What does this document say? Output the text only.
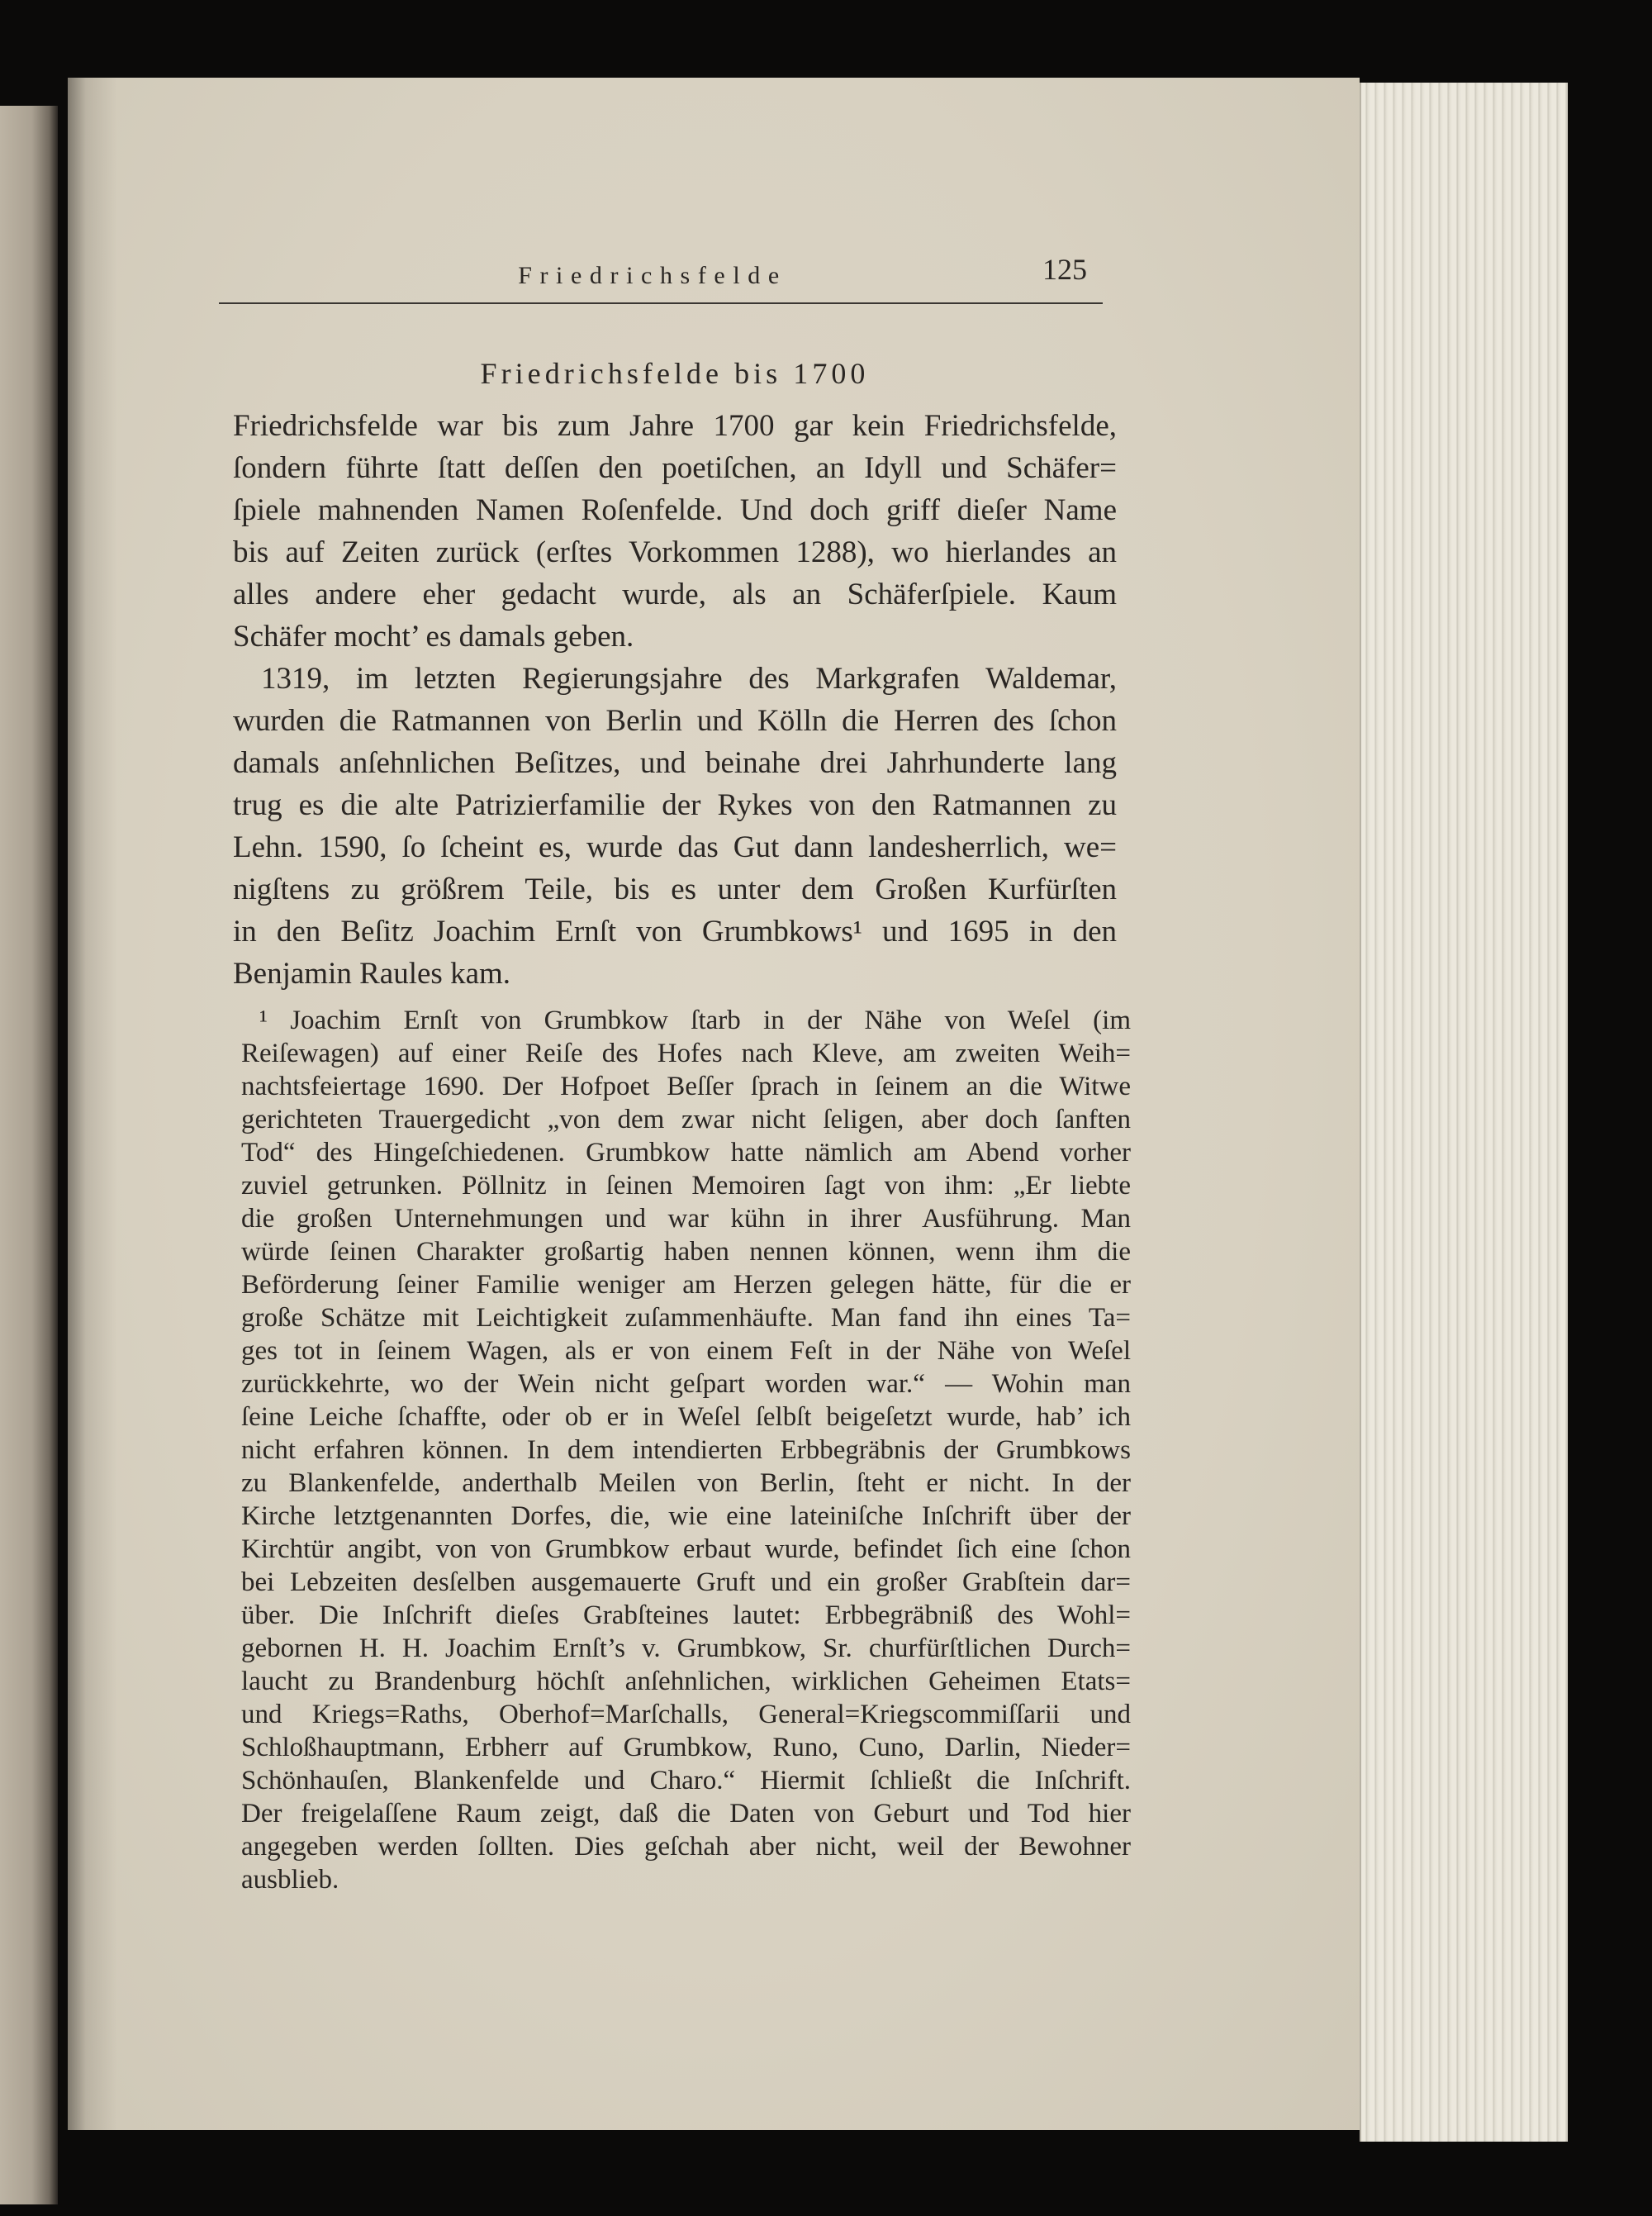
Friedrichsfelde	125
Friedrichsfelde bis 1700
Friedrichsfelde war bis zum Jahre 1700 gar kein Friedrichsfelde,
ſondern führte ſtatt deſſen den poetiſchen, an Idyll und Schäfer=
ſpiele mahnenden Namen Roſenfelde. Und doch griff dieſer Name
bis auf Zeiten zurück (erſtes Vorkommen 1288), wo hierlandes an
alles andere eher gedacht wurde, als an Schäferſpiele. Kaum
Schäfer mocht’ es damals geben.
1319, im letzten Regierungsjahre des Markgrafen Waldemar,
wurden die Ratmannen von Berlin und Kölln die Herren des ſchon
damals anſehnlichen Beſitzes, und beinahe drei Jahrhunderte lang
trug es die alte Patrizierfamilie der Rykes von den Ratmannen zu
Lehn. 1590, ſo ſcheint es, wurde das Gut dann landesherrlich, we=
nigſtens zu größrem Teile, bis es unter dem Großen Kurfürſten
in den Beſitz Joachim Ernſt von Grumbkows¹ und 1695 in den
Benjamin Raules kam.
¹ Joachim Ernſt von Grumbkow ſtarb in der Nähe von Weſel (im
Reiſewagen) auf einer Reiſe des Hofes nach Kleve, am zweiten Weih=
nachtsfeiertage 1690. Der Hofpoet Beſſer ſprach in ſeinem an die Witwe
gerichteten Trauergedicht „von dem zwar nicht ſeligen, aber doch ſanften
Tod“ des Hingeſchiedenen. Grumbkow hatte nämlich am Abend vorher
zuviel getrunken. Pöllnitz in ſeinen Memoiren ſagt von ihm: „Er liebte
die großen Unternehmungen und war kühn in ihrer Ausführung. Man
würde ſeinen Charakter großartig haben nennen können, wenn ihm die
Beförderung ſeiner Familie weniger am Herzen gelegen hätte, für die er
große Schätze mit Leichtigkeit zuſammenhäufte. Man fand ihn eines Ta=
ges tot in ſeinem Wagen, als er von einem Feſt in der Nähe von Weſel
zurückkehrte, wo der Wein nicht geſpart worden war.“ — Wohin man
ſeine Leiche ſchaffte, oder ob er in Weſel ſelbſt beigeſetzt wurde, hab’ ich
nicht erfahren können. In dem intendierten Erbbegräbnis der Grumbkows
zu Blankenfelde, anderthalb Meilen von Berlin, ſteht er nicht. In der
Kirche letztgenannten Dorfes, die, wie eine lateiniſche Inſchrift über der
Kirchtür angibt, von von Grumbkow erbaut wurde, befindet ſich eine ſchon
bei Lebzeiten desſelben ausgemauerte Gruft und ein großer Grabſtein dar=
über. Die Inſchrift dieſes Grabſteines lautet: Erbbegräbniß des Wohl=
gebornen H. H. Joachim Ernſt’s v. Grumbkow, Sr. churfürſtlichen Durch=
laucht zu Brandenburg höchſt anſehnlichen, wirklichen Geheimen Etats=
und Kriegs=Raths, Oberhof=Marſchalls, General=Kriegscommiſſarii und
Schloßhauptmann, Erbherr auf Grumbkow, Runo, Cuno, Darlin, Nieder=
Schönhauſen, Blankenfelde und Charo.“ Hiermit ſchließt die Inſchrift.
Der freigelaſſene Raum zeigt, daß die Daten von Geburt und Tod hier
angegeben werden ſollten. Dies geſchah aber nicht, weil der Bewohner
ausblieb.
